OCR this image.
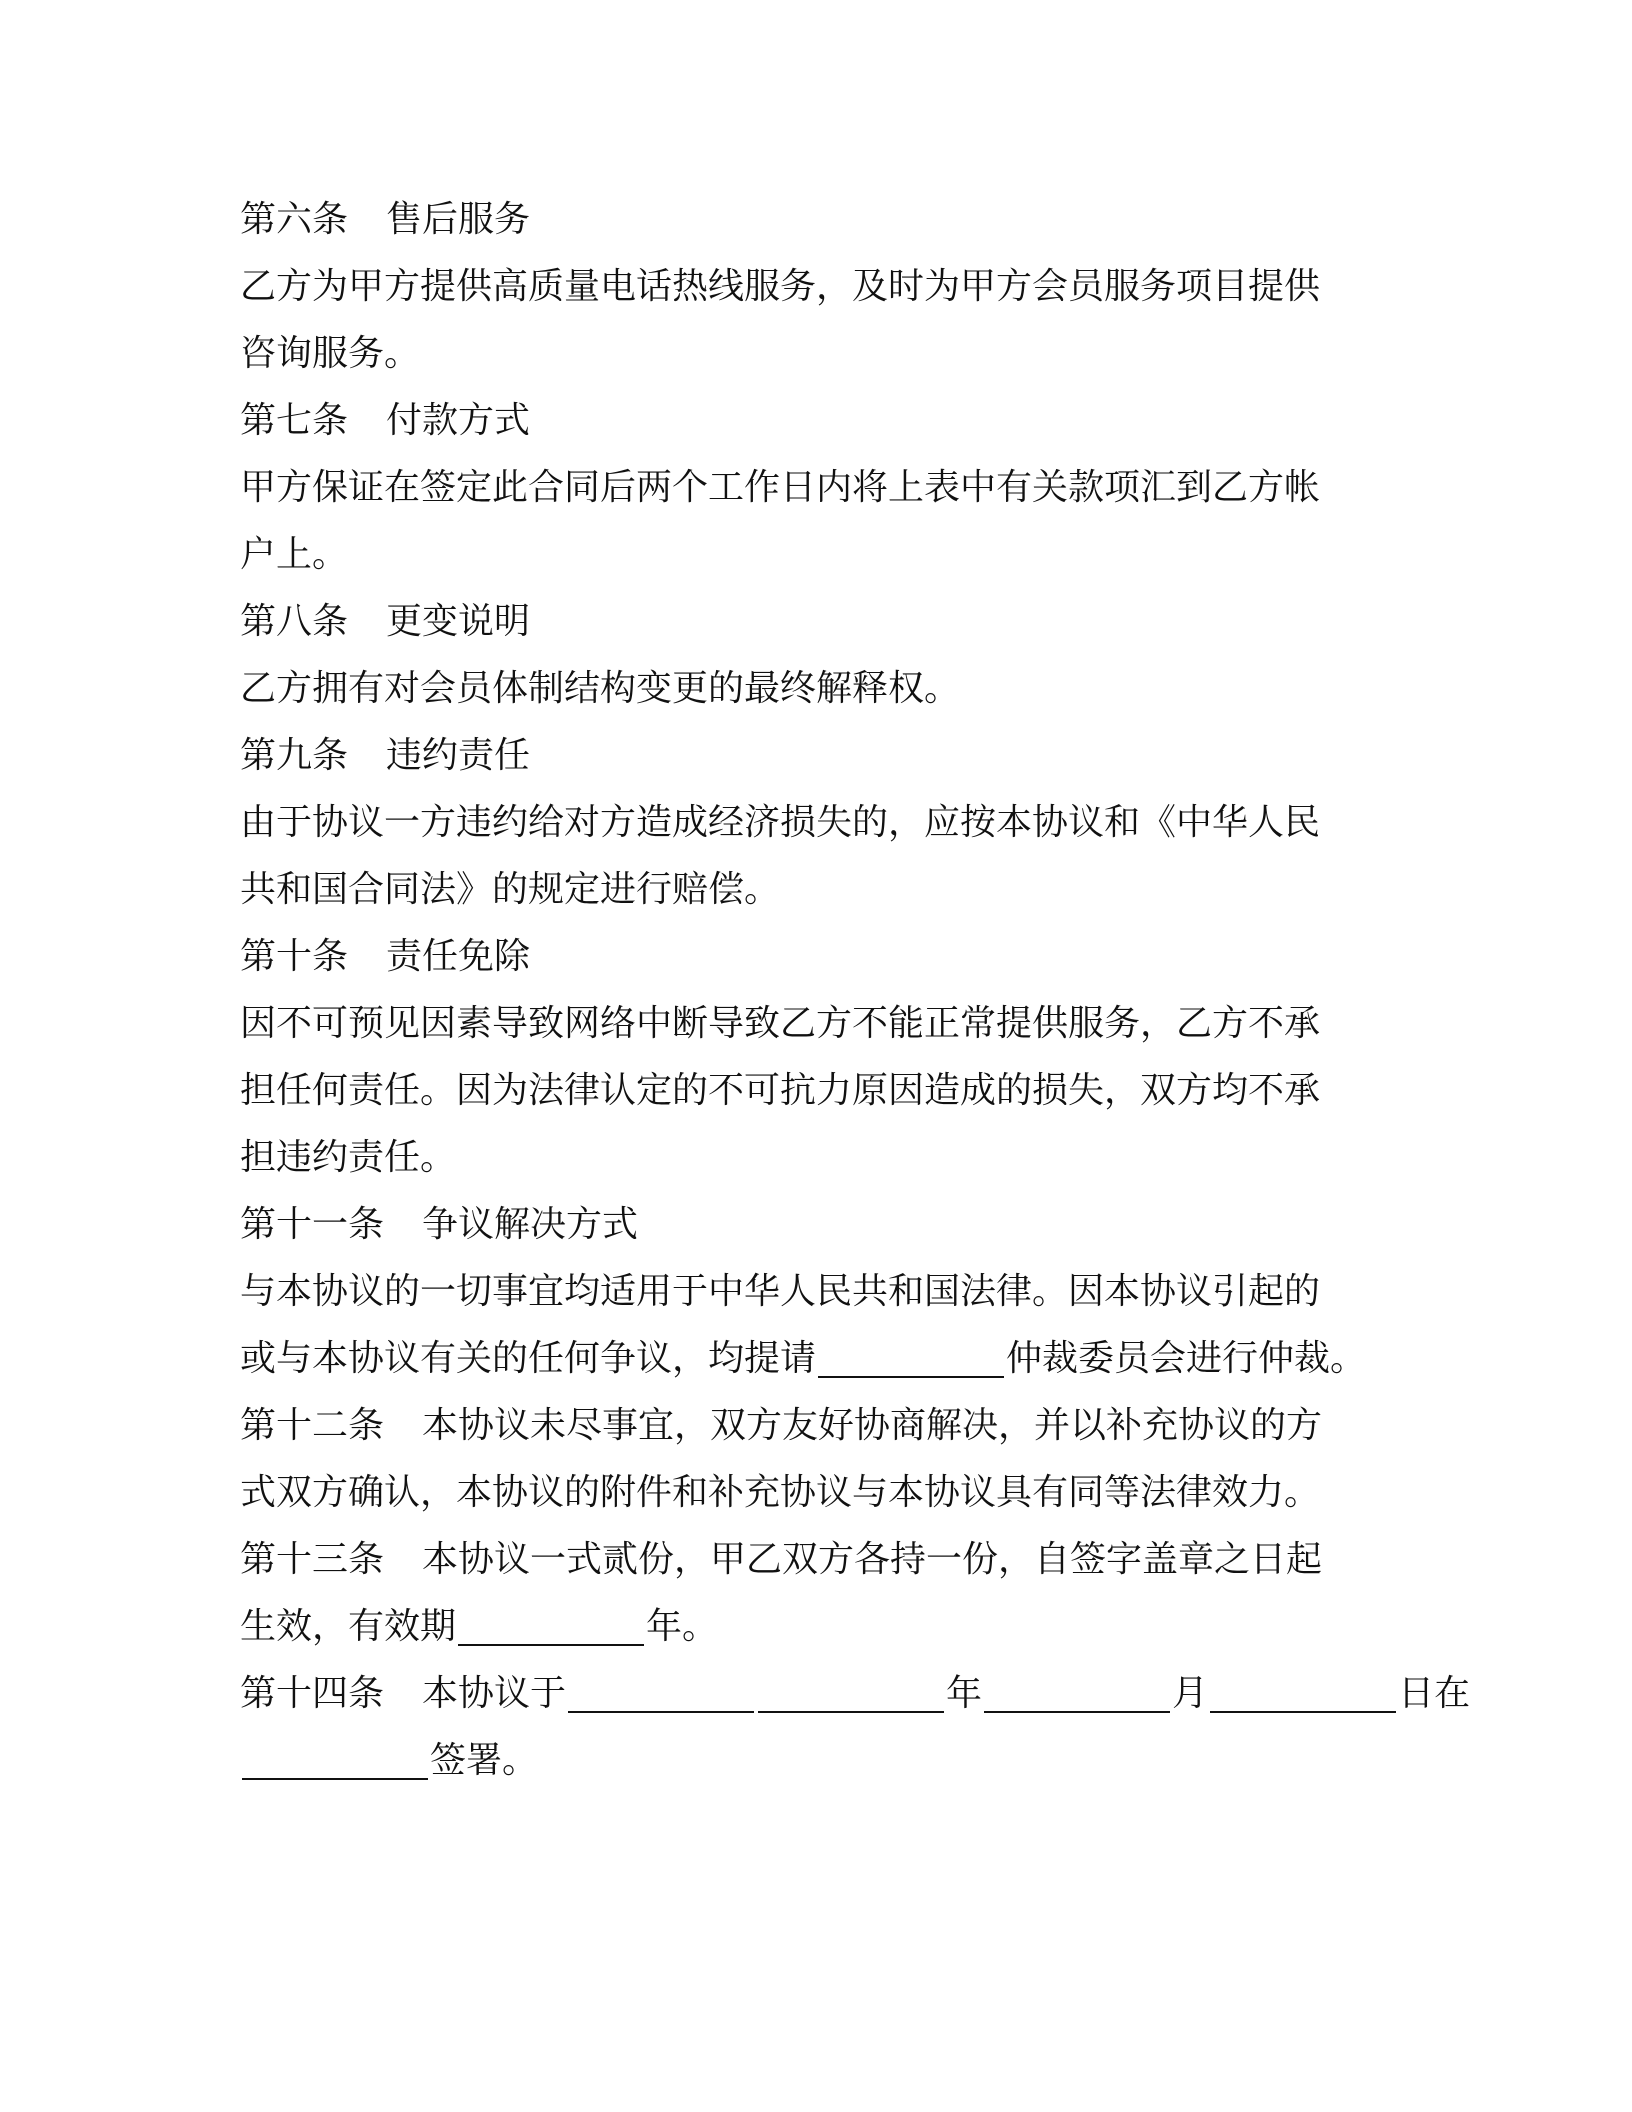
第六条 售后服务
乙方为甲方提供高质量电话热线服务，及时为甲方会员服务项目提供
咨询服务。
第七条 付款方式
甲方保证在签定此合同后两个工作日内将上表中有关款项汇到乙方帐
户上。
第八条 更变说明
乙方拥有对会员体制结构变更的最终解释权。
第九条 违约责任
由于协议一方违约给对方造成经济损失的，应按本协议和《中华人民
共和国合同法》的规定进行赔偿。
第十条 责任免除
因不可预见因素导致网络中断导致乙方不能正常提供服务，乙方不承
担任何责任。因为法律认定的不可抗力原因造成的损失，双方均不承
担违约责任。
第十一条 争议解决方式
与本协议的一切事宜均适用于中华人民共和国法律。因本协议引起的
或与本协议有关的任何争议，均提请	仲裁委员会进行仲裁。
第十二条 本协议未尽事宜，双方友好协商解决，并以补充协议的方
式双方确认，本协议的附件和补充协议与本协议具有同等法律效力。
第十三条 本协议一式贰份，甲乙双方各持一份，自签字盖章之日起
生效，有效期	年。
第十四条 本协议于	年	月	日在
签署。
